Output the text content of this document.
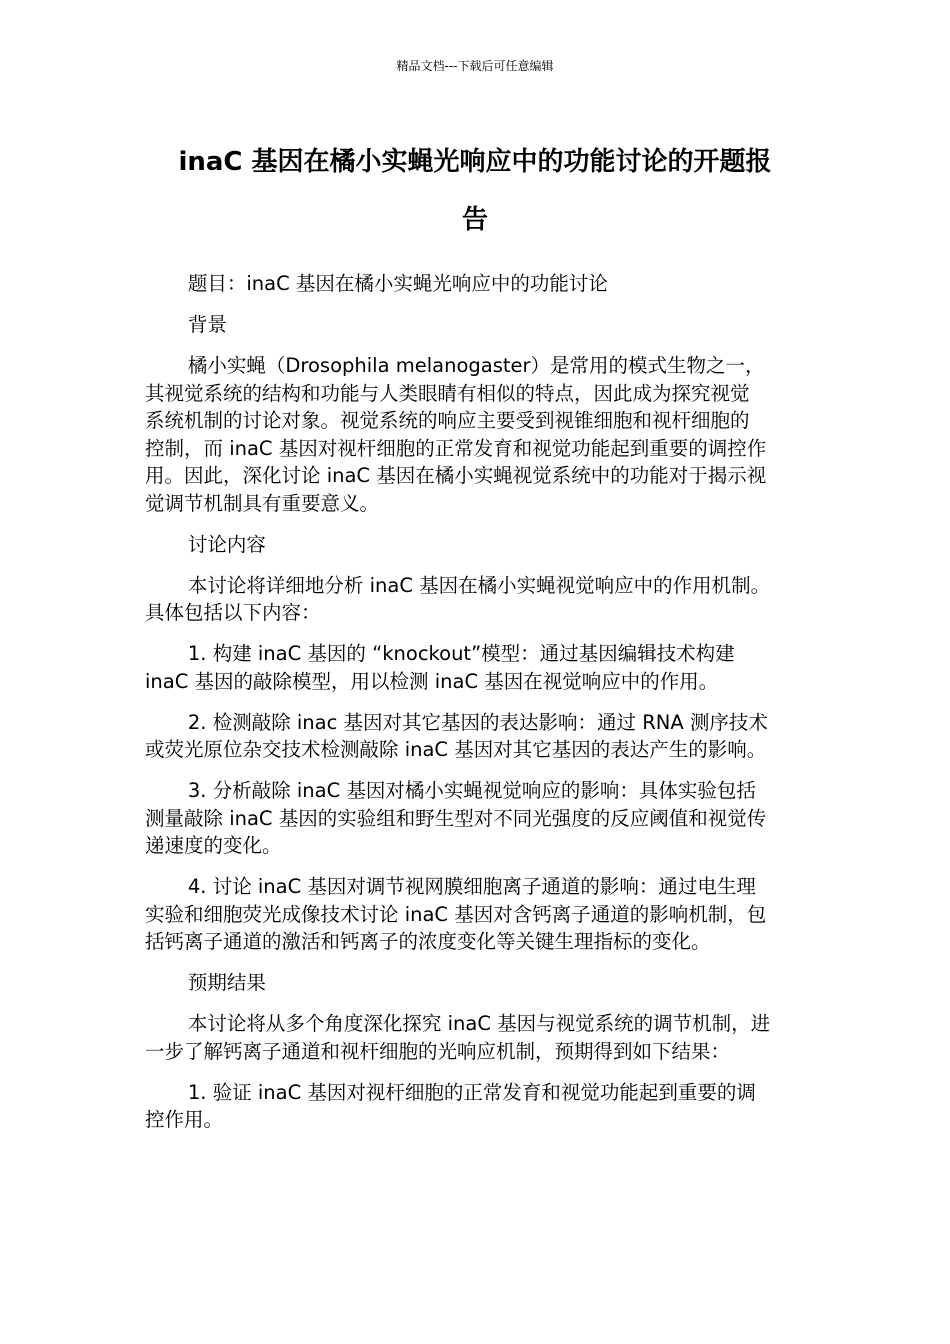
精品文档---下载后可任意编辑
inaC 基因在橘小实蝇光响应中的功能讨论的开题报
告

题目：inaC 基因在橘小实蝇光响应中的功能讨论

背景

橘小实蝇（Drosophila melanogaster）是常用的模式生物之一，
其视觉系统的结构和功能与人类眼睛有相似的特点，因此成为探究视觉
系统机制的讨论对象。视觉系统的响应主要受到视锥细胞和视杆细胞的
控制，而 inaC 基因对视杆细胞的正常发育和视觉功能起到重要的调控作
用。因此，深化讨论 inaC 基因在橘小实蝇视觉系统中的功能对于揭示视
觉调节机制具有重要意义。

讨论内容

本讨论将详细地分析 inaC 基因在橘小实蝇视觉响应中的作用机制。
具体包括以下内容：

1. 构建 inaC 基因的 “knockout”模型：通过基因编辑技术构建
inaC 基因的敲除模型，用以检测 inaC 基因在视觉响应中的作用。

2. 检测敲除 inac 基因对其它基因的表达影响：通过 RNA 测序技术
或荧光原位杂交技术检测敲除 inaC 基因对其它基因的表达产生的影响。

3. 分析敲除 inaC 基因对橘小实蝇视觉响应的影响：具体实验包括
测量敲除 inaC 基因的实验组和野生型对不同光强度的反应阈值和视觉传
递速度的变化。

4. 讨论 inaC 基因对调节视网膜细胞离子通道的影响：通过电生理
实验和细胞荧光成像技术讨论 inaC 基因对含钙离子通道的影响机制，包
括钙离子通道的激活和钙离子的浓度变化等关键生理指标的变化。

预期结果

本讨论将从多个角度深化探究 inaC 基因与视觉系统的调节机制，进
一步了解钙离子通道和视杆细胞的光响应机制，预期得到如下结果：

1. 验证 inaC 基因对视杆细胞的正常发育和视觉功能起到重要的调
控作用。
